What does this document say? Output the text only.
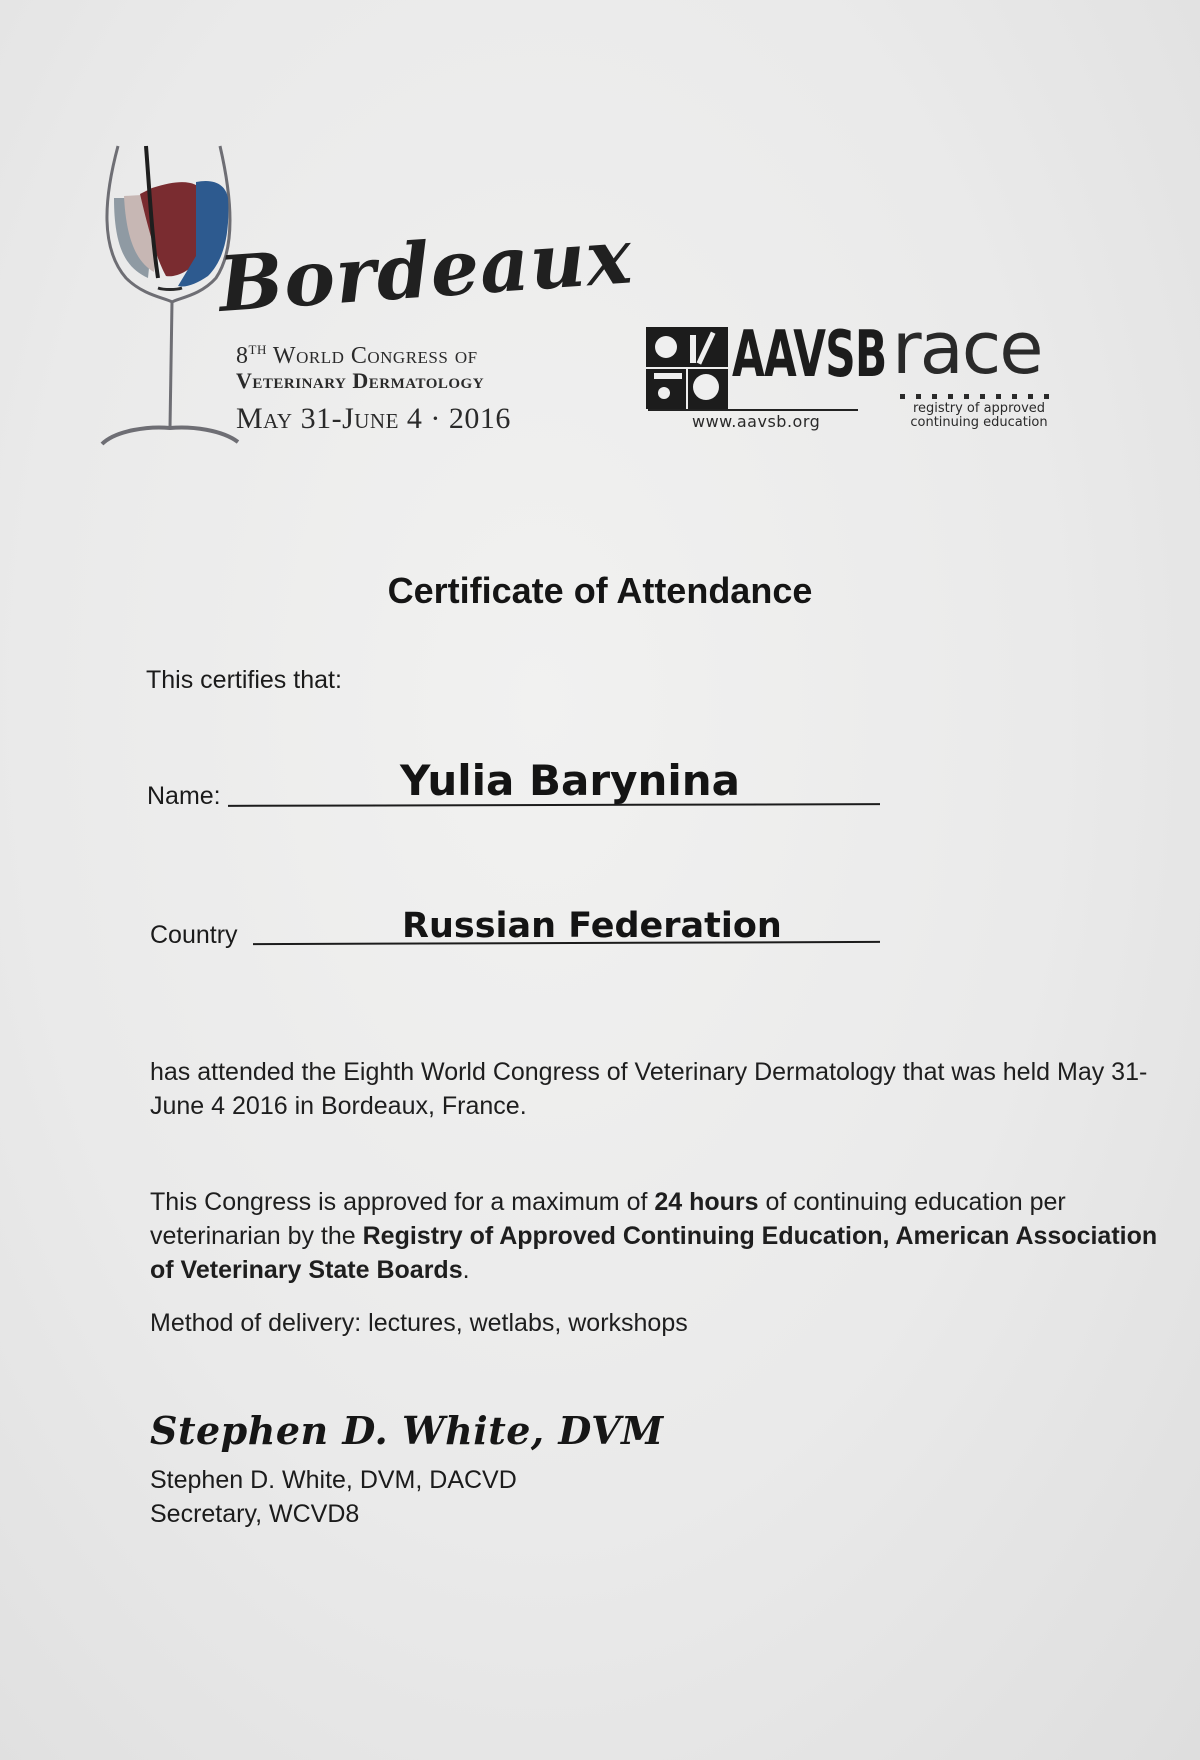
Bordeaux
8TH World Congress of
Veterinary Dermatology
May 31-June 4 · 2016
AAVSB
www.aavsb.org
race
registry of approved
continuing education
Certificate of Attendance
This certifies that:
Name:	Yulia Barynina
Country	Russian Federation
has attended the Eighth World Congress of Veterinary Dermatology that was held May 31- June 4 2016 in Bordeaux, France.
This Congress is approved for a maximum of 24 hours of continuing education per veterinarian by the Registry of Approved Continuing Education, American Association of Veterinary State Boards.
Method of delivery: lectures, wetlabs, workshops
Stephen D. White, DVM
Stephen D. White, DVM, DACVD
Secretary, WCVD8
